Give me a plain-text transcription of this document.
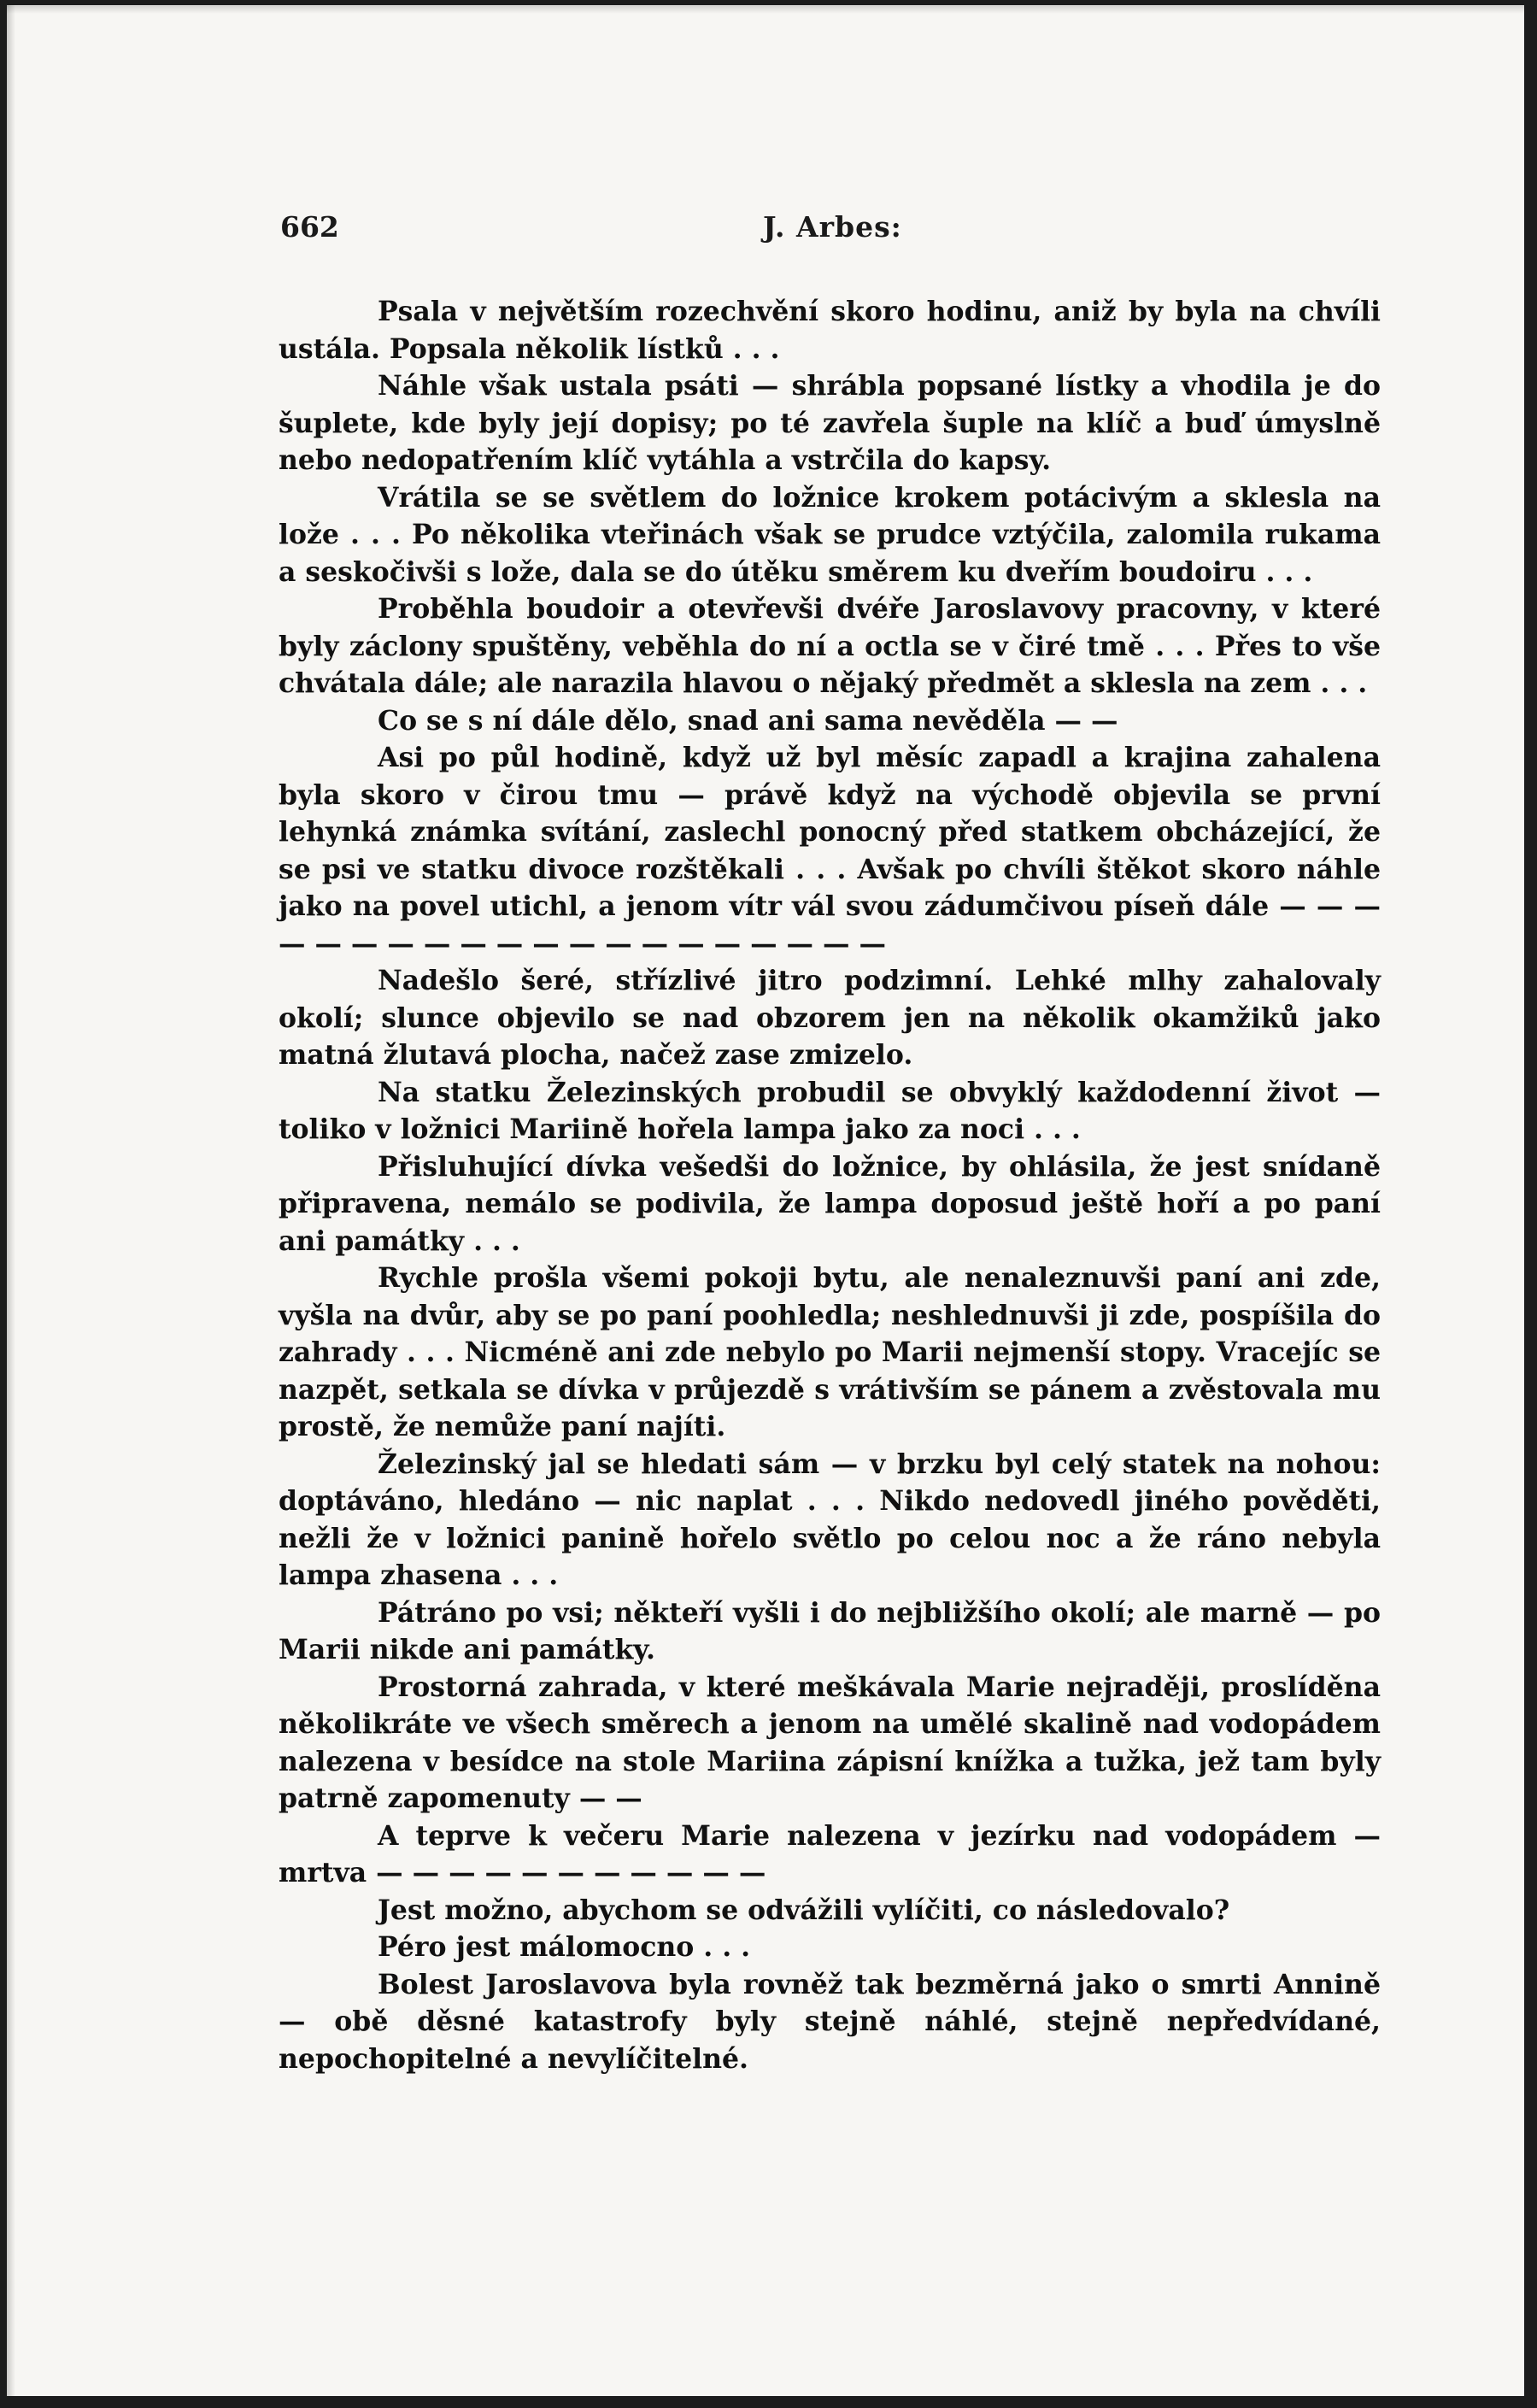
662	J. Arbes:

Psala v největším rozechvění skoro hodinu, aniž by byla na chvíli ustála. Popsala několik lístků . . .

Náhle však ustala psáti — shrábla popsané lístky a vhodila je do šuplete, kde byly její dopisy; po té zavřela šuple na klíč a buď úmyslně nebo nedopatřením klíč vytáhla a vstrčila do kapsy.

Vrátila se se světlem do ložnice krokem potácivým a sklesla na lože . . . Po několika vteřinách však se prudce vztýčila, zalomila rukama a seskočivši s lože, dala se do útěku směrem ku dveřím boudoiru . . .

Proběhla boudoir a otevřevši dvéře Jaroslavovy pracovny, v které byly záclony spuštěny, veběhla do ní a octla se v čiré tmě . . . Přes to vše chvátala dále; ale narazila hlavou o nějaký předmět a sklesla na zem . . .

Co se s ní dále dělo, snad ani sama nevěděla — —

Asi po půl hodině, když už byl měsíc zapadl a krajina zahalena byla skoro v čirou tmu — právě když na východě objevila se první lehynká známka svítání, zaslechl ponocný před statkem obcházející, že se psi ve statku divoce rozštěkali . . . Avšak po chvíli štěkot skoro náhle jako na povel utichl, a jenom vítr vál svou zádumčivou píseň dále — — — — — — — — — — — — — — — — — — — —

Nadešlo šeré, střízlivé jitro podzimní. Lehké mlhy zahalovaly okolí; slunce objevilo se nad obzorem jen na několik okamžiků jako matná žlutavá plocha, načež zase zmizelo.

Na statku Železinských probudil se obvyklý každodenní život — toliko v ložnici Mariině hořela lampa jako za noci . . .

Přisluhující dívka vešedši do ložnice, by ohlásila, že jest snídaně připravena, nemálo se podivila, že lampa doposud ještě hoří a po paní ani památky . . .

Rychle prošla všemi pokoji bytu, ale nenaleznuvši paní ani zde, vyšla na dvůr, aby se po paní poohledla; neshlednuvši ji zde, pospíšila do zahrady . . . Nicméně ani zde nebylo po Marii nejmenší stopy. Vracejíc se nazpět, setkala se dívka v průjezdě s vrátivším se pánem a zvěstovala mu prostě, že nemůže paní najíti.

Železinský jal se hledati sám — v brzku byl celý statek na nohou: doptáváno, hledáno — nic naplat . . . Nikdo nedovedl jiného pověděti, nežli že v ložnici panině hořelo světlo po celou noc a že ráno nebyla lampa zhasena . . .

Pátráno po vsi; někteří vyšli i do nejbližšího okolí; ale marně — po Marii nikde ani památky.

Prostorná zahrada, v které meškávala Marie nejraději, proslíděna několikráte ve všech směrech a jenom na umělé skalině nad vodopádem nalezena v besídce na stole Mariina zápisní knížka a tužka, jež tam byly patrně zapomenuty — —

A teprve k večeru Marie nalezena v jezírku nad vodopádem — mrtva — — — — — — — — — — —

Jest možno, abychom se odvážili vylíčiti, co následovalo?

Péro jest málomocno . . .

Bolest Jaroslavova byla rovněž tak bezměrná jako o smrti Annině — obě děsné katastrofy byly stejně náhlé, stejně nepředvídané, nepochopitelné a nevylíčitelné.
